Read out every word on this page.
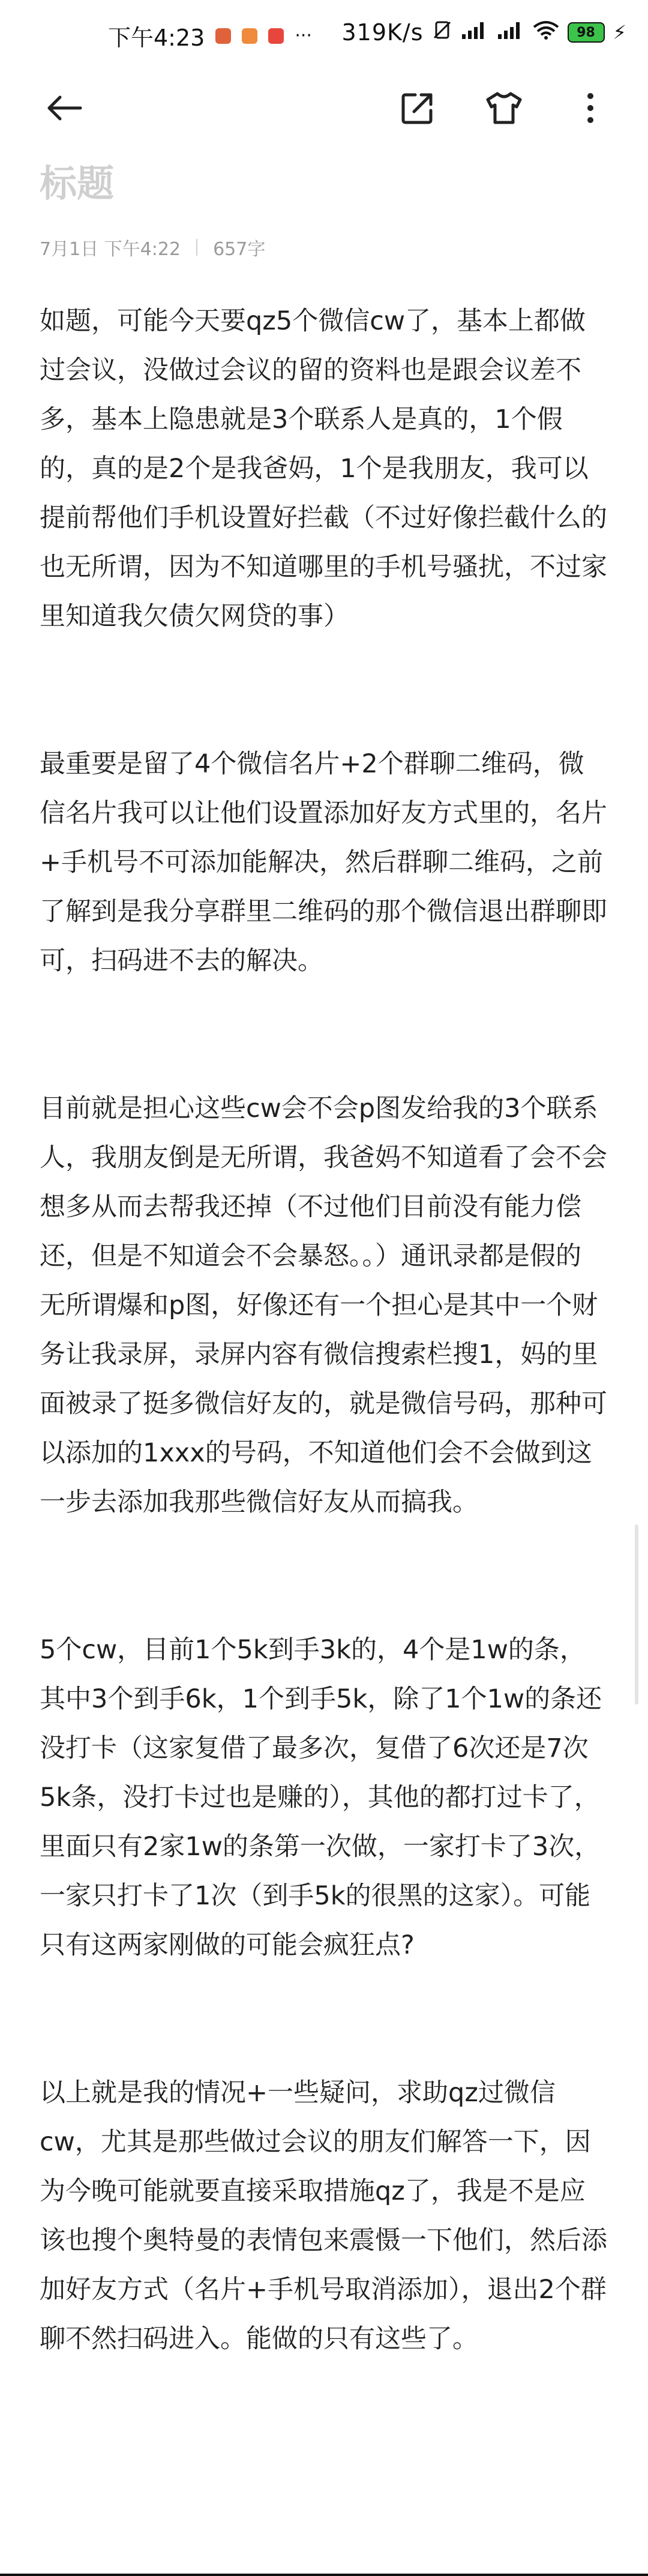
下午4:23	··· 319K/s	98 ⚡
标题
7月1日 下午4:22 657字

如题，可能今天要qz5个微信cw了，基本上都做过会议，没做过会议的留的资料也是跟会议差不多，基本上隐患就是3个联系人是真的，1个假的，真的是2个是我爸妈，1个是我朋友，我可以提前帮他们手机设置好拦截（不过好像拦截什么的也无所谓，因为不知道哪里的手机号骚扰，不过家里知道我欠债欠网贷的事）

最重要是留了4个微信名片+2个群聊二维码，微信名片我可以让他们设置添加好友方式里的，名片+手机号不可添加能解决，然后群聊二维码，之前了解到是我分享群里二维码的那个微信退出群聊即可，扫码进不去的解决。

目前就是担心这些cw会不会p图发给我的3个联系人，我朋友倒是无所谓，我爸妈不知道看了会不会想多从而去帮我还掉（不过他们目前没有能力偿还，但是不知道会不会暴怒。。）通讯录都是假的 无所谓爆和p图，好像还有一个担心是其中一个财务让我录屏，录屏内容有微信搜索栏搜1，妈的里面被录了挺多微信好友的，就是微信号码，那种可以添加的1xxx的号码，不知道他们会不会做到这一步去添加我那些微信好友从而搞我。

5个cw，目前1个5k到手3k的，4个是1w的条，其中3个到手6k，1个到手5k，除了1个1w的条还没打卡（这家复借了最多次，复借了6次还是7次5k条，没打卡过也是赚的），其他的都打过卡了，里面只有2家1w的条第一次做，一家打卡了3次，一家只打卡了1次（到手5k的很黑的这家）。可能只有这两家刚做的可能会疯狂点?

以上就是我的情况+一些疑问，求助qz过微信cw，尤其是那些做过会议的朋友们解答一下，因为今晚可能就要直接采取措施qz了，我是不是应该也搜个奥特曼的表情包来震慑一下他们，然后添加好友方式（名片+手机号取消添加），退出2个群聊不然扫码进入。能做的只有这些了。
